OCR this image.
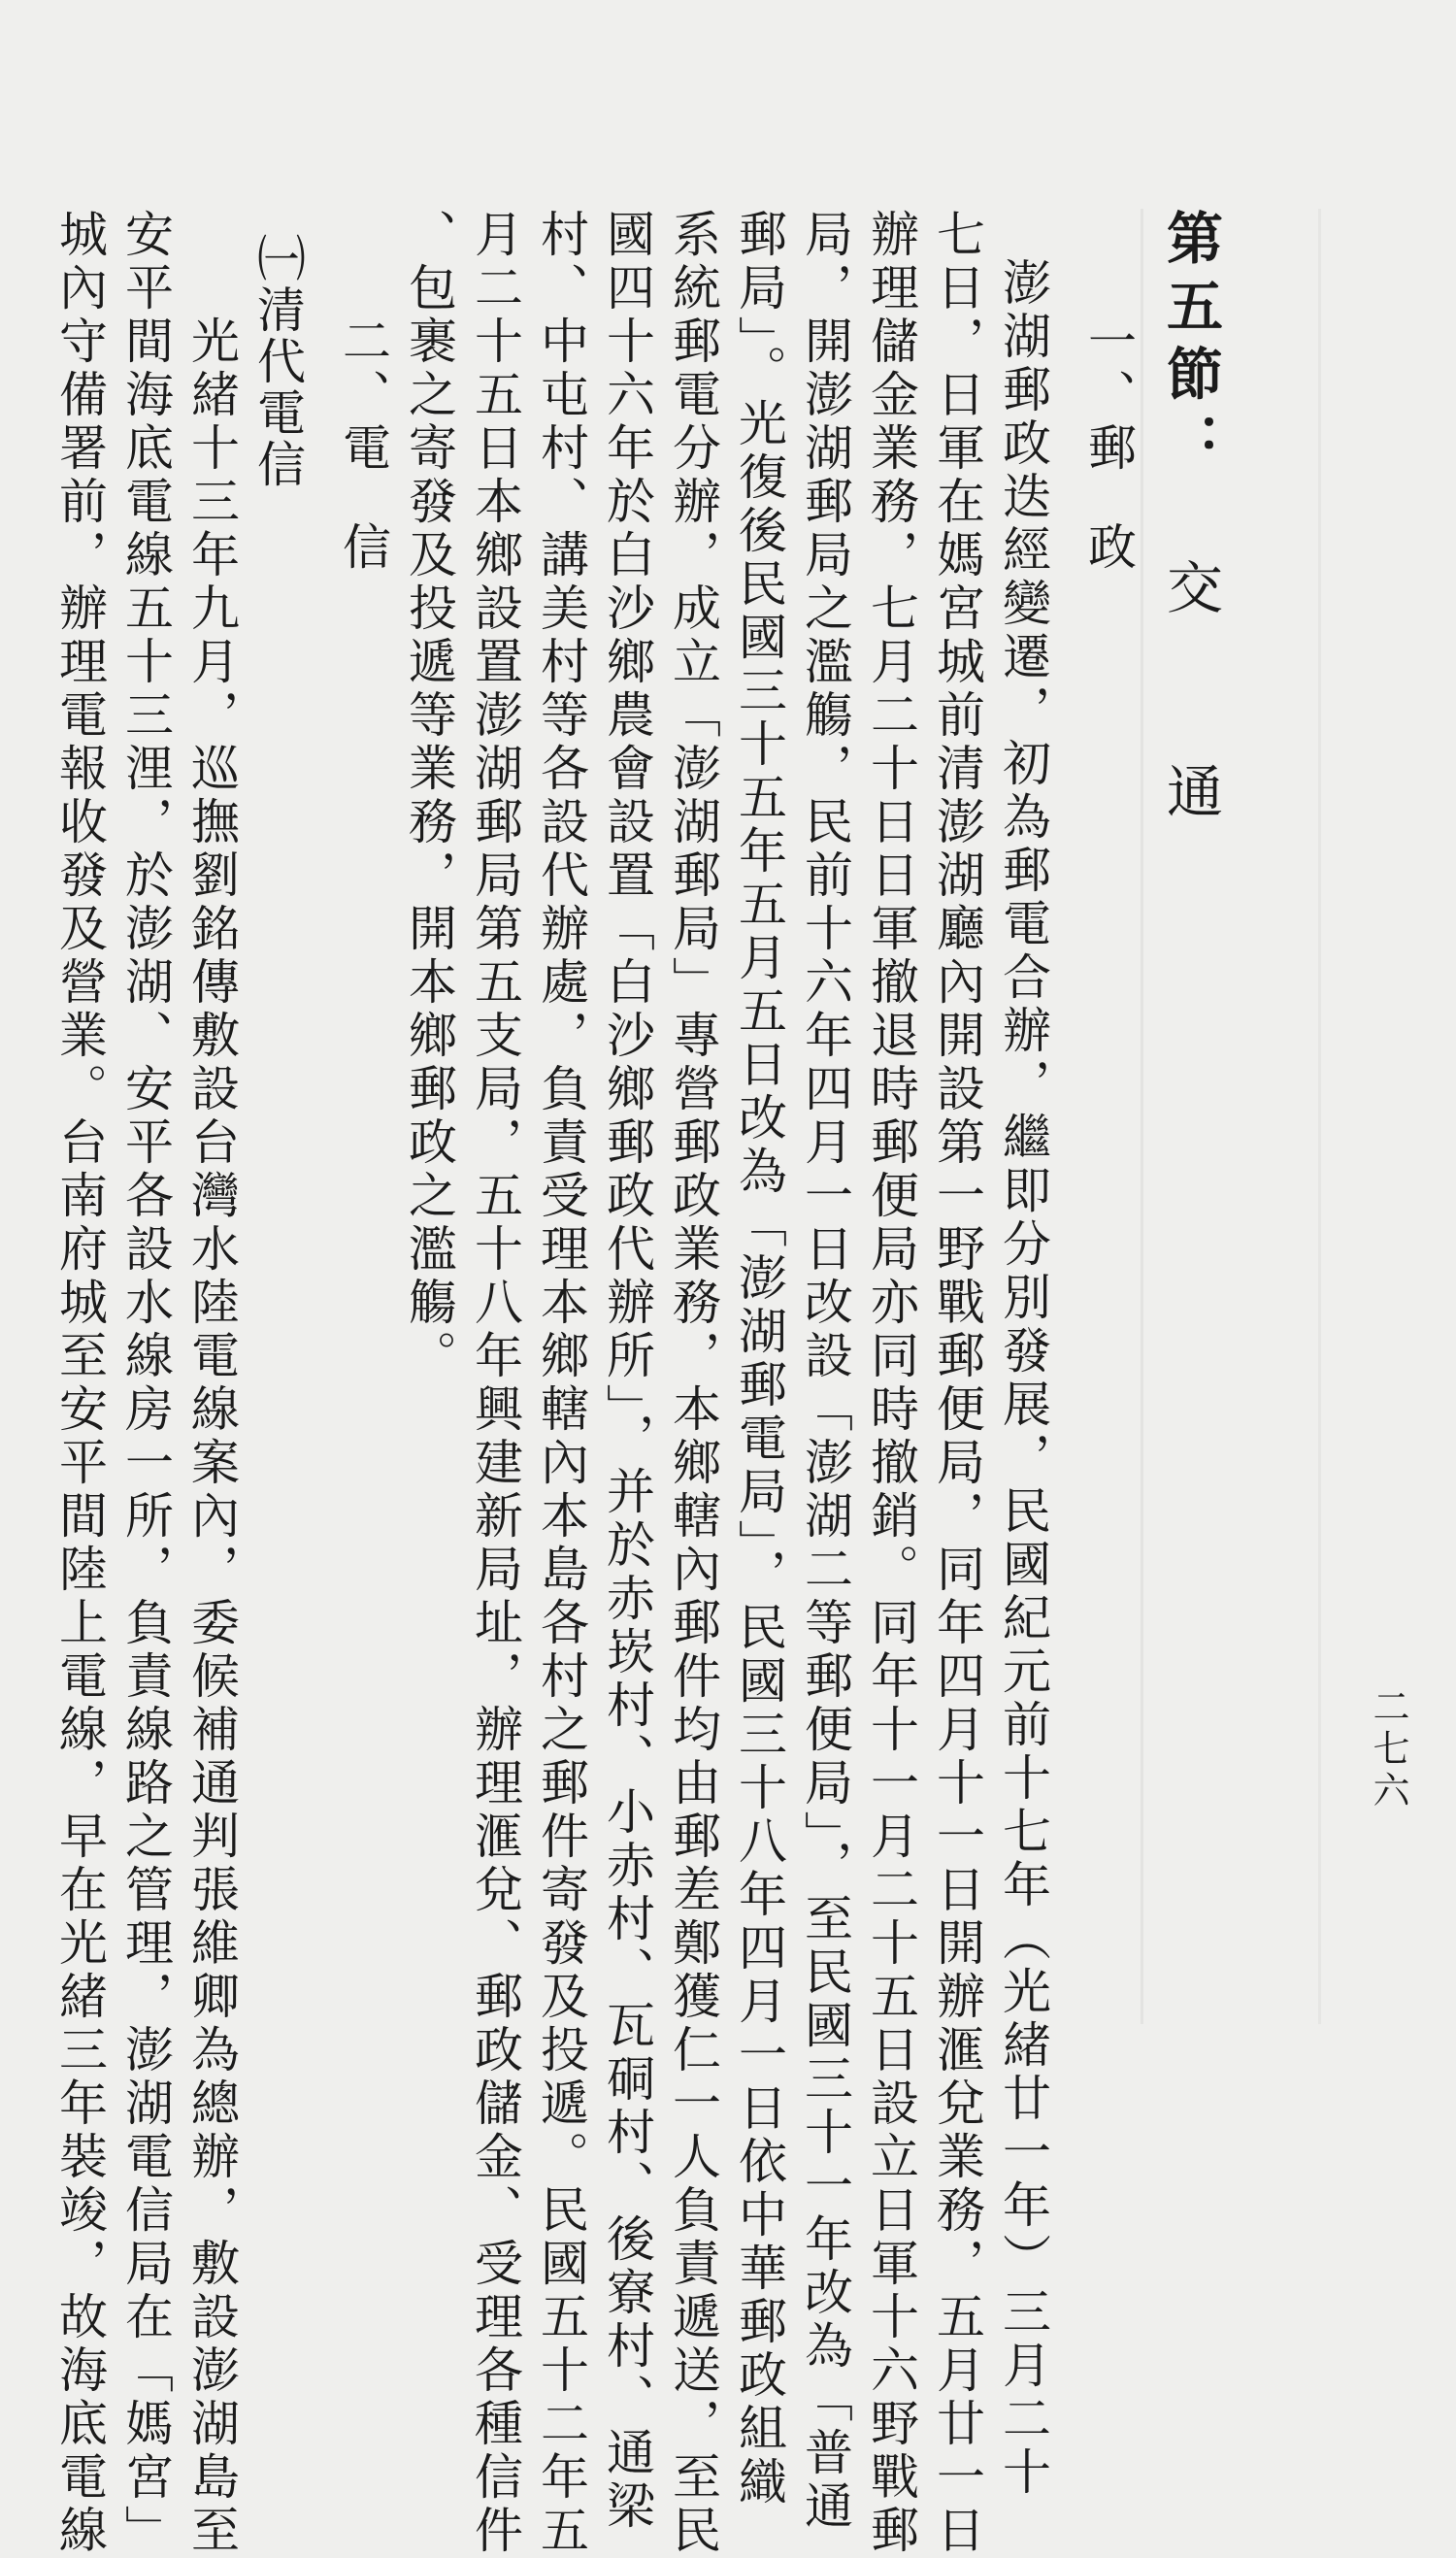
第五節：交　　通
一、郵政
澎湖郵政迭經變遷，初為郵電合辦，繼即分別發展，民國紀元前十七年（光緒廿一年）三月二十
七日，日軍在媽宮城前清澎湖廳內開設第一野戰郵便局，同年四月十一日開辦滙兌業務，五月廿一日
辦理儲金業務，七月二十日日軍撤退時郵便局亦同時撤銷。同年十一月二十五日設立日軍十六野戰郵
局，開澎湖郵局之濫觴，民前十六年四月一日改設「澎湖二等郵便局」，至民國三十一年改為「普通
郵局」。光復後民國三十五年五月五日改為「澎湖郵電局」，民國三十八年四月一日依中華郵政組織
系統郵電分辦，成立「澎湖郵局」專營郵政業務，本鄉轄內郵件均由郵差鄭獲仁一人負責遞送，至民
國四十六年於白沙鄉農會設置「白沙鄉郵政代辦所」，并於赤崁村、小赤村、瓦硐村、後寮村、通梁
村、中屯村、講美村等各設代辦處，負責受理本鄉轄內本島各村之郵件寄發及投遞。民國五十二年五
月二十五日本鄉設置澎湖郵局第五支局，五十八年興建新局址，辦理滙兌、郵政儲金、受理各種信件
、包裹之寄發及投遞等業務，開本鄉郵政之濫觴。
二、電信
㈠清代電信
　　光緒十三年九月，巡撫劉銘傳敷設台灣水陸電線案內，委候補通判張維卿為總辦，敷設澎湖島至
安平間海底電線五十三浬，於澎湖、安平各設水線房一所，負責線路之管理，澎湖電信局在「媽宮」
城內守備署前，辦理電報收發及營業。台南府城至安平間陸上電線，早在光緒三年裝竣，故海底電線	二七六
